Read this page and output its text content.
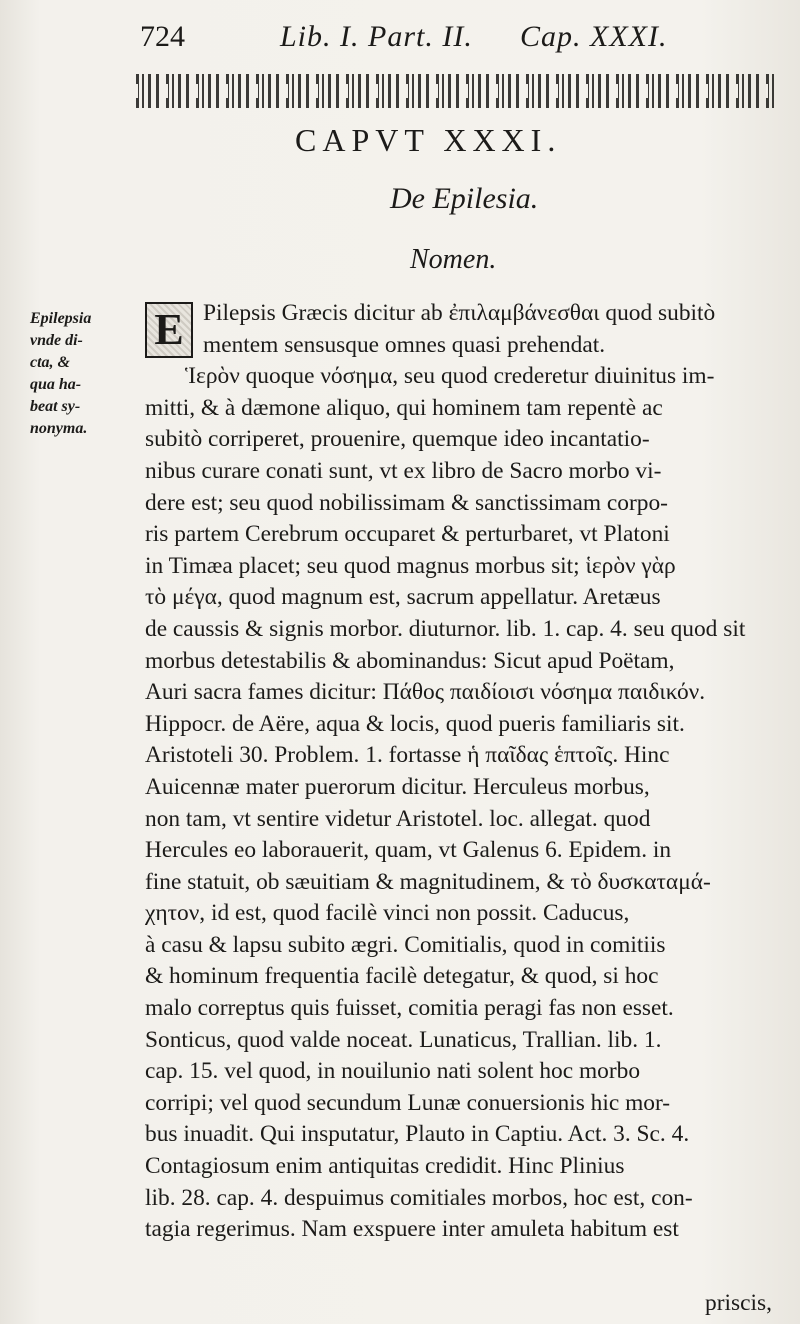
724	Lib. I. Part. II. Cap. XXXI.
CAPVT XXXI.
De Epilesia.
Nomen.
Epilepsia
vnde di-
cta, &
qua ha-
beat sy-
nonyma.
E Pilepsis Græcis dicitur ab ἐπιλαμβάνεσθαι quod subitò
mentem sensusque omnes quasi prehendat.
Ἱερὸν quoque νόσημα, seu quod crederetur diuinitus im-
mitti, & à dæmone aliquo, qui hominem tam repentè ac
subitò corriperet, prouenire, quemque ideo incantatio-
nibus curare conati sunt, vt ex libro de Sacro morbo vi-
dere est; seu quod nobilissimam & sanctissimam corpo-
ris partem Cerebrum occuparet & perturbaret, vt Platoni
in Timæa placet; seu quod magnus morbus sit; ἱερὸν γὰρ
τὸ μέγα, quod magnum est, sacrum appellatur. Aretæus
de caussis & signis morbor. diuturnor. lib. 1. cap. 4. seu quod sit
morbus detestabilis & abominandus: Sicut apud Poëtam,
Auri sacra fames dicitur: Πάθος παιδίοισι νόσημα παιδικόν.
Hippocr. de Aëre, aqua & locis, quod pueris familiaris sit.
Aristoteli 30. Problem. 1. fortasse ἡ παῖδας ἑπτοῖς. Hinc
Auicennæ mater puerorum dicitur. Herculeus morbus,
non tam, vt sentire videtur Aristotel. loc. allegat. quod
Hercules eo laborauerit, quam, vt Galenus 6. Epidem. in
fine statuit, ob sæuitiam & magnitudinem, & τὸ δυσκαταμά-
χητον, id est, quod facilè vinci non possit. Caducus,
à casu & lapsu subito ægri. Comitialis, quod in comitiis
& hominum frequentia facilè detegatur, & quod, si hoc
malo correptus quis fuisset, comitia peragi fas non esset.
Sonticus, quod valde noceat. Lunaticus, Trallian. lib. 1.
cap. 15. vel quod, in nouilunio nati solent hoc morbo
corripi; vel quod secundum Lunæ conuersionis hic mor-
bus inuadit. Qui insputatur, Plauto in Captiu. Act. 3. Sc. 4.
Contagiosum enim antiquitas credidit. Hinc Plinius
lib. 28. cap. 4. despuimus comitiales morbos, hoc est, con-
tagia regerimus. Nam exspuere inter amuleta habitum est
priscis,
